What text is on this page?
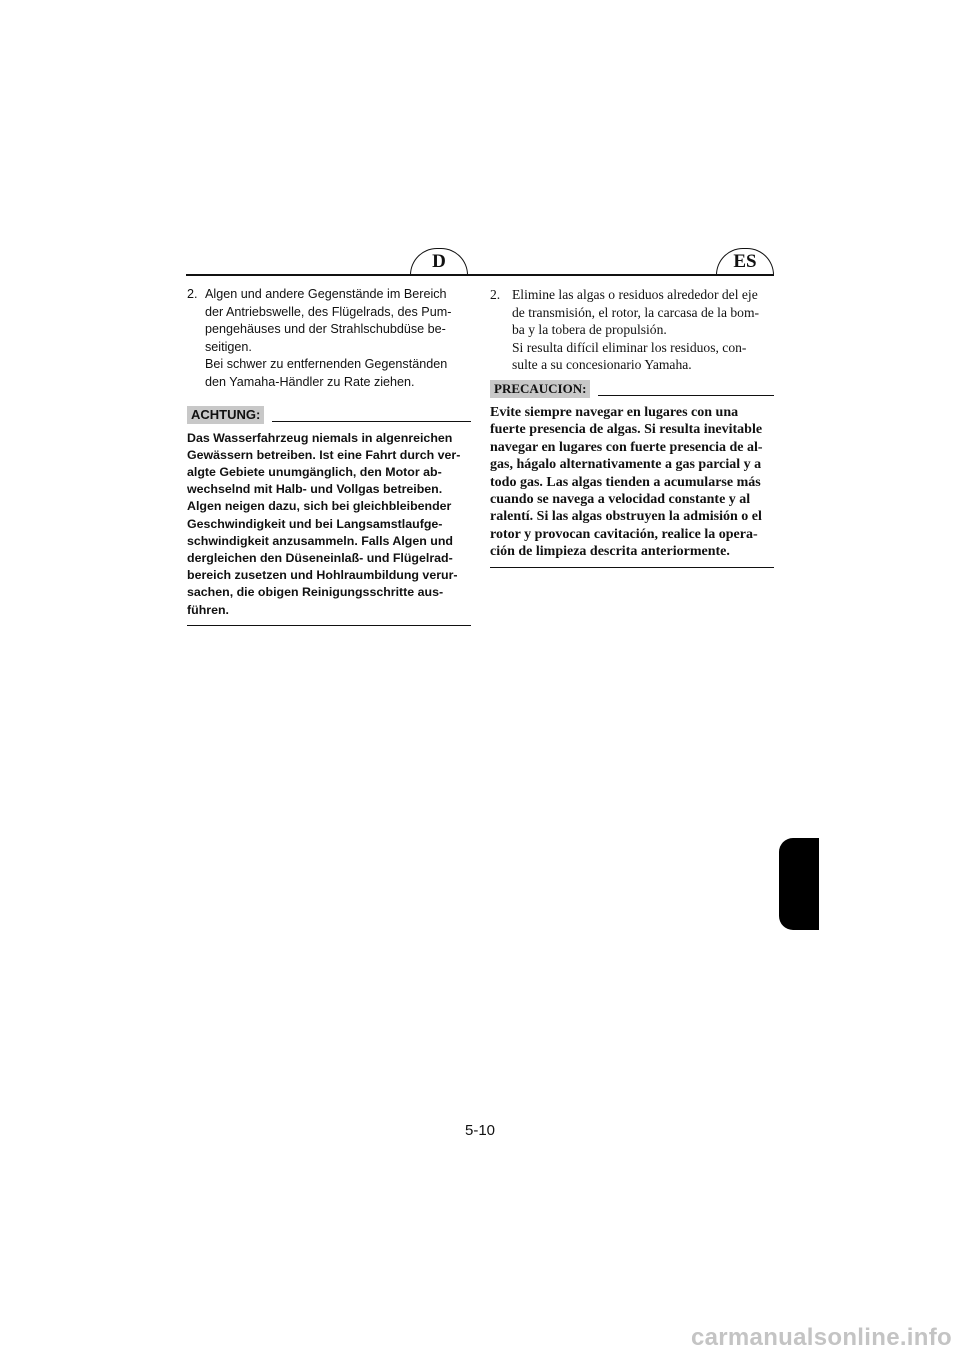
D	ES
2. Algen und andere Gegenstände im Bereich

der Antriebswelle, des Flügelrads, des Pum-

pengehäuses und der Strahlschubdüse be-

seitigen.

Bei schwer zu entfernenden Gegenständen

den Yamaha-Händler zu Rate ziehen.

ACHTUNG:

Das Wasserfahrzeug niemals in algenreichen

Gewässern betreiben. Ist eine Fahrt durch ver-

algte Gebiete unumgänglich, den Motor ab-

wechselnd mit Halb- und Vollgas betreiben.

Algen neigen dazu, sich bei gleichbleibender

Geschwindigkeit und bei Langsamstlaufge-

schwindigkeit anzusammeln. Falls Algen und

dergleichen den Düseneinlaß- und Flügelrad-

bereich zusetzen und Hohlraumbildung verur-

sachen, die obigen Reinigungsschritte aus-

führen.

2. Elimine las algas o residuos alrededor del eje

de transmisión, el rotor, la carcasa de la bom-

ba y la tobera de propulsión.

Si resulta difícil eliminar los residuos, con-

sulte a su concesionario Yamaha.

PRECAUCION:

Evite siempre navegar en lugares con una

fuerte presencia de algas. Si resulta inevitable

navegar en lugares con fuerte presencia de al-

gas, hágalo alternativamente a gas parcial y a

todo gas. Las algas tienden a acumularse más

cuando se navega a velocidad constante y al

ralentí. Si las algas obstruyen la admisión o el

rotor y provocan cavitación, realice la opera-

ción de limpieza descrita anteriormente.

5-10
carmanualsonline.info
